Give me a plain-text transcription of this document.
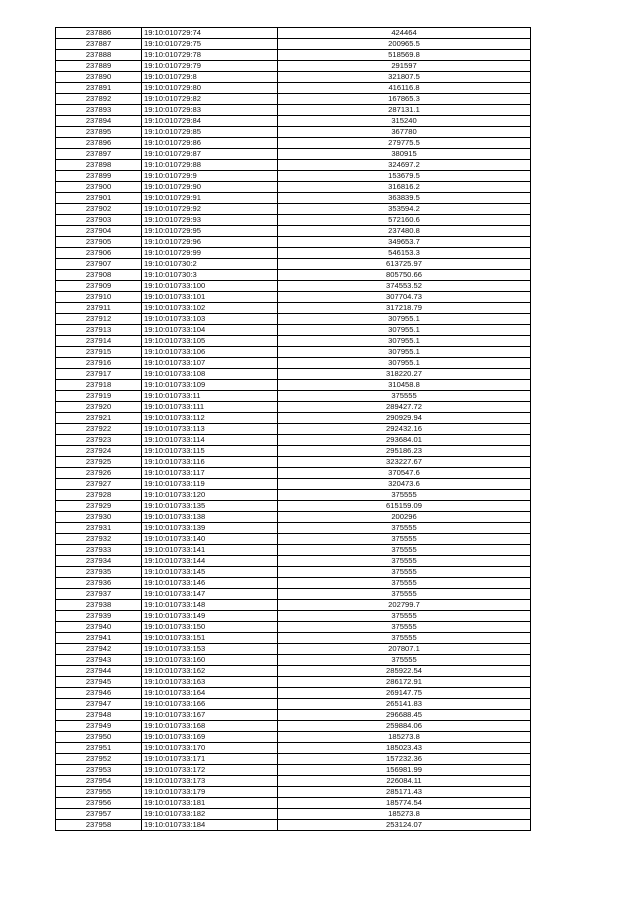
237886	19:10:010729:74	424464
237887	19:10:010729:75	200965.5
237888	19:10:010729:78	518569.8
237889	19:10:010729:79	291597
237890	19:10:010729:8	321807.5
237891	19:10:010729:80	416116.8
237892	19:10:010729:82	167865.3
237893	19:10:010729:83	287131.1
237894	19:10:010729:84	315240
237895	19:10:010729:85	367780
237896	19:10:010729:86	279775.5
237897	19:10:010729:87	380915
237898	19:10:010729:88	324697.2
237899	19:10:010729:9	153679.5
237900	19:10:010729:90	316816.2
237901	19:10:010729:91	363839.5
237902	19:10:010729:92	353594.2
237903	19:10:010729:93	572160.6
237904	19:10:010729:95	237480.8
237905	19:10:010729:96	349653.7
237906	19:10:010729:99	546153.3
237907	19:10:010730:2	613725.97
237908	19:10:010730:3	805750.66
237909	19:10:010733:100	374553.52
237910	19:10:010733:101	307704.73
237911	19:10:010733:102	317218.79
237912	19:10:010733:103	307955.1
237913	19:10:010733:104	307955.1
237914	19:10:010733:105	307955.1
237915	19:10:010733:106	307955.1
237916	19:10:010733:107	307955.1
237917	19:10:010733:108	318220.27
237918	19:10:010733:109	310458.8
237919	19:10:010733:11	375555
237920	19:10:010733:111	289427.72
237921	19:10:010733:112	290929.94
237922	19:10:010733:113	292432.16
237923	19:10:010733:114	293684.01
237924	19:10:010733:115	295186.23
237925	19:10:010733:116	323227.67
237926	19:10:010733:117	370547.6
237927	19:10:010733:119	320473.6
237928	19:10:010733:120	375555
237929	19:10:010733:135	615159.09
237930	19:10:010733:138	200296
237931	19:10:010733:139	375555
237932	19:10:010733:140	375555
237933	19:10:010733:141	375555
237934	19:10:010733:144	375555
237935	19:10:010733:145	375555
237936	19:10:010733:146	375555
237937	19:10:010733:147	375555
237938	19:10:010733:148	202799.7
237939	19:10:010733:149	375555
237940	19:10:010733:150	375555
237941	19:10:010733:151	375555
237942	19:10:010733:153	207807.1
237943	19:10:010733:160	375555
237944	19:10:010733:162	285922.54
237945	19:10:010733:163	286172.91
237946	19:10:010733:164	269147.75
237947	19:10:010733:166	265141.83
237948	19:10:010733:167	296688.45
237949	19:10:010733:168	259884.06
237950	19:10:010733:169	185273.8
237951	19:10:010733:170	185023.43
237952	19:10:010733:171	157232.36
237953	19:10:010733:172	156981.99
237954	19:10:010733:173	226084.11
237955	19:10:010733:179	285171.43
237956	19:10:010733:181	185774.54
237957	19:10:010733:182	185273.8
237958	19:10:010733:184	253124.07
